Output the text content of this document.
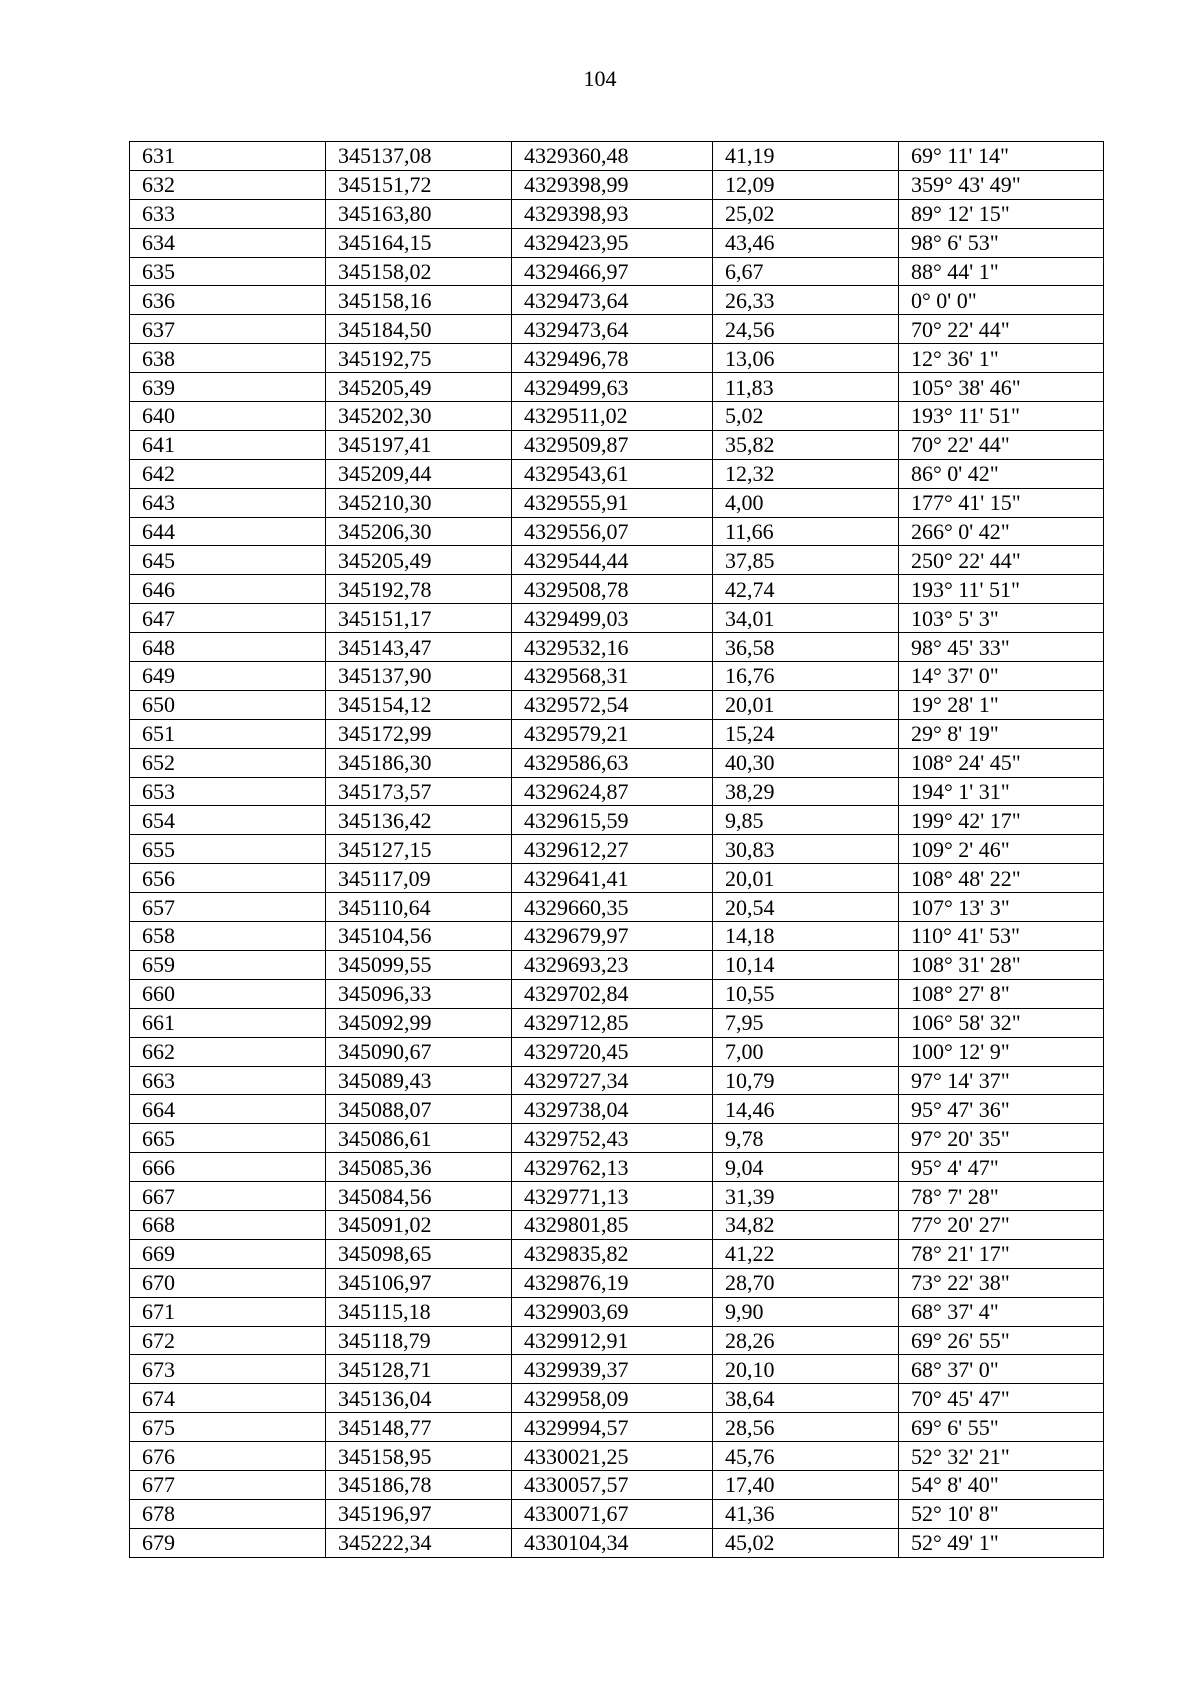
104
631	345137,08	4329360,48	41,19	69° 11' 14"
632	345151,72	4329398,99	12,09	359° 43' 49"
633	345163,80	4329398,93	25,02	89° 12' 15"
634	345164,15	4329423,95	43,46	98° 6' 53"
635	345158,02	4329466,97	6,67	88° 44' 1"
636	345158,16	4329473,64	26,33	0° 0' 0"
637	345184,50	4329473,64	24,56	70° 22' 44"
638	345192,75	4329496,78	13,06	12° 36' 1"
639	345205,49	4329499,63	11,83	105° 38' 46"
640	345202,30	4329511,02	5,02	193° 11' 51"
641	345197,41	4329509,87	35,82	70° 22' 44"
642	345209,44	4329543,61	12,32	86° 0' 42"
643	345210,30	4329555,91	4,00	177° 41' 15"
644	345206,30	4329556,07	11,66	266° 0' 42"
645	345205,49	4329544,44	37,85	250° 22' 44"
646	345192,78	4329508,78	42,74	193° 11' 51"
647	345151,17	4329499,03	34,01	103° 5' 3"
648	345143,47	4329532,16	36,58	98° 45' 33"
649	345137,90	4329568,31	16,76	14° 37' 0"
650	345154,12	4329572,54	20,01	19° 28' 1"
651	345172,99	4329579,21	15,24	29° 8' 19"
652	345186,30	4329586,63	40,30	108° 24' 45"
653	345173,57	4329624,87	38,29	194° 1' 31"
654	345136,42	4329615,59	9,85	199° 42' 17"
655	345127,15	4329612,27	30,83	109° 2' 46"
656	345117,09	4329641,41	20,01	108° 48' 22"
657	345110,64	4329660,35	20,54	107° 13' 3"
658	345104,56	4329679,97	14,18	110° 41' 53"
659	345099,55	4329693,23	10,14	108° 31' 28"
660	345096,33	4329702,84	10,55	108° 27' 8"
661	345092,99	4329712,85	7,95	106° 58' 32"
662	345090,67	4329720,45	7,00	100° 12' 9"
663	345089,43	4329727,34	10,79	97° 14' 37"
664	345088,07	4329738,04	14,46	95° 47' 36"
665	345086,61	4329752,43	9,78	97° 20' 35"
666	345085,36	4329762,13	9,04	95° 4' 47"
667	345084,56	4329771,13	31,39	78° 7' 28"
668	345091,02	4329801,85	34,82	77° 20' 27"
669	345098,65	4329835,82	41,22	78° 21' 17"
670	345106,97	4329876,19	28,70	73° 22' 38"
671	345115,18	4329903,69	9,90	68° 37' 4"
672	345118,79	4329912,91	28,26	69° 26' 55"
673	345128,71	4329939,37	20,10	68° 37' 0"
674	345136,04	4329958,09	38,64	70° 45' 47"
675	345148,77	4329994,57	28,56	69° 6' 55"
676	345158,95	4330021,25	45,76	52° 32' 21"
677	345186,78	4330057,57	17,40	54° 8' 40"
678	345196,97	4330071,67	41,36	52° 10' 8"
679	345222,34	4330104,34	45,02	52° 49' 1"
